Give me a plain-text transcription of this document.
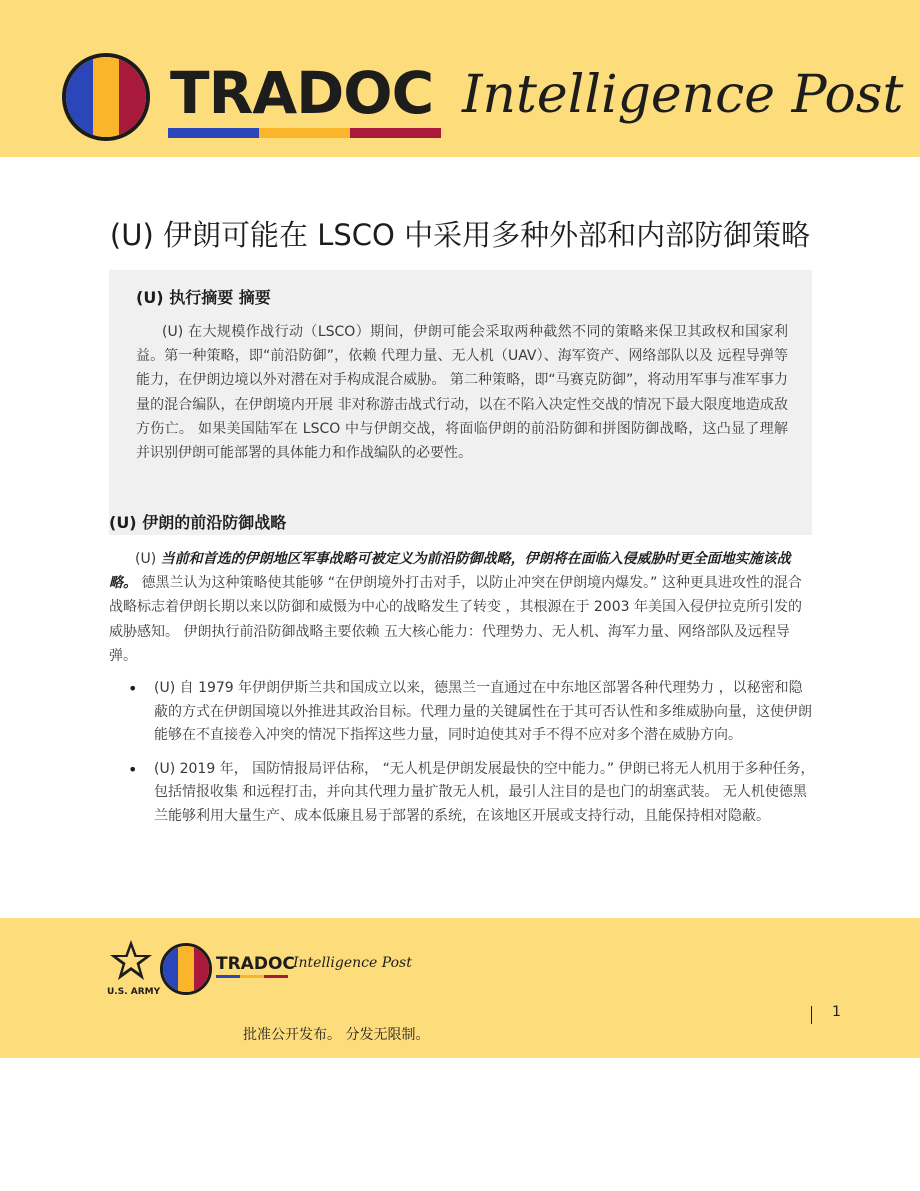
TRADOC Intelligence Post
(U) 伊朗可能在 LSCO 中采用多种外部和内部防御策略
(U) 执行摘要 摘要

(U) 在大规模作战行动（LSCO）期间，伊朗可能会采取两种截然不同的策略来保卫其政权和国家利益。第一种策略，即“前沿防御”，依赖 代理力量、无人机（UAV）、海军资产、网络部队以及 远程导弹等能力，在伊朗边境以外对潜在对手构成混合威胁。 第二种策略，即“马赛克防御”，将动用军事与准军事力量的混合编队，在伊朗境内开展 非对称游击战式行动，以在不陷入决定性交战的情况下最大限度地造成敌方伤亡。 如果美国陆军在 LSCO 中与伊朗交战，将面临伊朗的前沿防御和拼图防御战略，这凸显了理解 并识别伊朗可能部署的具体能力和作战编队的必要性。

(U) 伊朗的前沿防御战略

(U) 当前和首选的伊朗地区军事战略可被定义为前沿防御战略，伊朗将在面临入侵威胁时更全面地实施该战略。 德黑兰认为这种策略使其能够 “在伊朗境外打击对手，以防止冲突在伊朗境内爆发。” 这种更具进攻性的混合战略标志着伊朗长期以来以防御和威慑为中心的战略发生了转变 ，其根源在于 2003 年美国入侵伊拉克所引发的威胁感知。 伊朗执行前沿防御战略主要依赖 五大核心能力：代理势力、无人机、海军力量、网络部队及远程导弹。

• (U) 自 1979 年伊朗伊斯兰共和国成立以来，德黑兰一直通过在中东地区部署各种代理势力 ，以秘密和隐蔽的方式在伊朗国境以外推进其政治目标。代理力量的关键属性在于其可否认性和多维威胁向量，这使伊朗能够在不直接卷入冲突的情况下指挥这些力量，同时迫使其对手不得不应对多个潜在威胁方向。
• (U) 2019 年， 国防情报局评估称， “无人机是伊朗发展最快的空中能力。” 伊朗已将无人机用于多种任务，包括情报收集 和远程打击，并向其代理力量扩散无人机，最引人注目的是也门的胡塞武装。 无人机使德黑兰能够利用大量生产、成本低廉且易于部署的系统，在该地区开展或支持行动，且能保持相对隐蔽。
U.S. ARMY
TRADOC
Intelligence Post
1
批准公开发布。 分发无限制。
